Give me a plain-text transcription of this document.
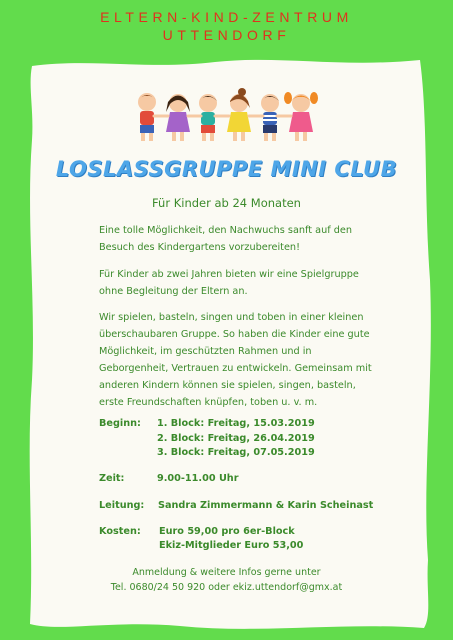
ELTERN-KIND-ZENTRUM
UTTENDORF
LOSLASSGRUPPE MINI CLUB
Für Kinder ab 24 Monaten
Eine tolle Möglichkeit, den Nachwuchs sanft auf den Besuch des Kindergartens vorzubereiten!
Für Kinder ab zwei Jahren bieten wir eine Spielgruppe ohne Begleitung der Eltern an.
Wir spielen, basteln, singen und toben in einer kleinen überschaubaren Gruppe. So haben die Kinder eine gute Möglichkeit, im geschützten Rahmen und in Geborgenheit, Vertrauen zu entwickeln. Gemeinsam mit anderen Kindern können sie spielen, singen, basteln, erste Freundschaften knüpfen, toben u. v. m.
Beginn: 1. Block: Freitag, 15.03.2019
2. Block: Freitag, 26.04.2019
3. Block: Freitag, 07.05.2019
Zeit:	9.00-11.00 Uhr
Leitung: Sandra Zimmermann & Karin Scheinast
Kosten: Euro 59,00 pro 6er-Block
Ekiz-Mitglieder Euro 53,00
Anmeldung & weitere Infos gerne unter
Tel. 0680/24 50 920 oder ekiz.uttendorf@gmx.at
